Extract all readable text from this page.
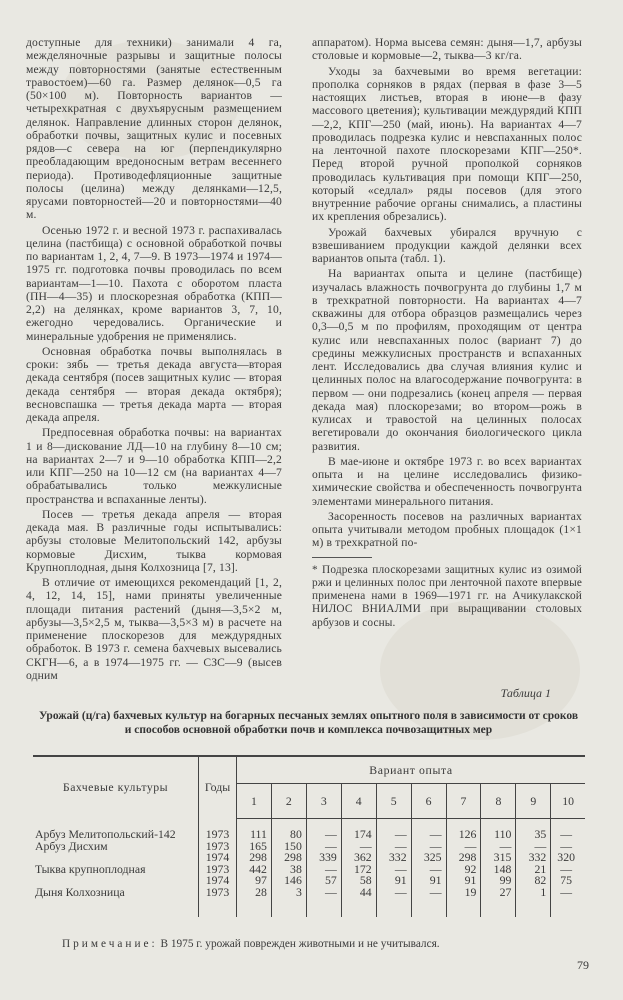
доступные для техники) занимали 4 га, межделяночные разрывы и защитные полосы между повторностями (занятые естественным травостоем)—60 га. Размер делянок—0,5 га (50×100 м). Повторность вариантов — четырехкратная с двухъярусным размещением делянок. Направление длинных сторон делянок, обработки почвы, защитных кулис и посевных рядов—с севера на юг (перпендикулярно преобладающим вредоносным ветрам весеннего периода). Противодефляционные защитные полосы (целина) между делянками—12,5, ярусами повторностей—20 и повторностями—40 м.

Осенью 1972 г. и весной 1973 г. распахивалась целина (пастбища) с основной обработкой почвы по вариантам 1, 2, 4, 7—9. В 1973—1974 и 1974—1975 гг. подготовка почвы проводилась по всем вариантам—1—10. Пахота с оборотом пласта (ПН—4—35) и плоскорезная обработка (КПП—2,2) на делянках, кроме вариантов 3, 7, 10, ежегодно чередовались. Органические и минеральные удобрения не применялись.

Основная обработка почвы выполнялась в сроки: зябь — третья декада августа—вторая декада сентября (посев защитных кулис — вторая декада сентября — вторая декада октября); весновспашка — третья декада марта — вторая декада апреля.

Предпосевная обработка почвы: на вариантах 1 и 8—дискование ЛД—10 на глубину 8—10 см; на вариантах 2—7 и 9—10 обработка КПП—2,2 или КПГ—250 на 10—12 см (на вариантах 4—7 обрабатывались только межкулисные пространства и вспаханные ленты).

Посев — третья декада апреля — вторая декада мая. В различные годы испытывались: арбузы столовые Мелитопольский 142, арбузы кормовые Дисхим, тыква кормовая Крупноплодная, дыня Колхозница [7, 13].

В отличие от имеющихся рекомендаций [1, 2, 4, 12, 14, 15], нами приняты увеличенные площади питания растений (дыня—3,5×2 м, арбузы—3,5×2,5 м, тыква—3,5×3 м) в расчете на применение плоскорезов для междурядных обработок. В 1973 г. семена бахчевых высевались СКГН—6, а в 1974—1975 гг. — СЗС—9 (высев одним

аппаратом). Норма высева семян: дыня—1,7, арбузы столовые и кормовые—2, тыква—3 кг/га.

Уходы за бахчевыми во время вегетации: прополка сорняков в рядах (первая в фазе 3—5 настоящих листьев, вторая в июне—в фазу массового цветения); культивации междурядий КПП—2,2, КПГ—250 (май, июнь). На вариантах 4—7 проводилась подрезка кулис и невспаханных полос на ленточной пахоте плоскорезами КПГ—250*. Перед второй ручной прополкой сорняков проводилась культивация при помощи КПГ—250, который «седлал» ряды посевов (для этого внутренние рабочие органы снимались, а пластины их крепления обрезались).

Урожай бахчевых убирался вручную с взвешиванием продукции каждой делянки всех вариантов опыта (табл. 1).

На вариантах опыта и целине (пастбище) изучалась влажность почвогрунта до глубины 1,7 м в трехкратной повторности. На вариантах 4—7 скважины для отбора образцов размещались через 0,3—0,5 м по профилям, проходящим от центра кулис или невспаханных полос (вариант 7) до средины межкулисных пространств и вспаханных лент. Исследовались два случая влияния кулис и целинных полос на влагосодержание почвогрунта: в первом — они подрезались (конец апреля — первая декада мая) плоскорезами; во втором—рожь в кулисах и травостой на целинных полосах вегетировали до окончания биологического цикла развития.

В мае-июне и октябре 1973 г. во всех вариантах опыта и на целине исследовались физико-химические свойства и обеспеченность почвогрунта элементами минерального питания.

Засоренность посевов на различных вариантах опыта учитывали методом пробных площадок (1×1 м) в трехкратной по-

* Подрезка плоскорезами защитных кулис из озимой ржи и целинных полос при ленточной пахоте впервые применена нами в 1969—1971 гг. на Ачикулакской НИЛОС ВНИАЛМИ при выращивании столовых арбузов и сосны.

Таблица 1
Урожай (ц/га) бахчевых культур на богарных песчаных землях опытного поля в зависимости от сроков и способов основной обработки почв и комплекса почвозащитных мер
Бахчевые культуры	Годы	Вариант опыта									
		1	2	3	4	5	6	7	8	9	10
Арбуз Мелитопольский-142	1973	111	80	—	174	—	—	126	110	35	—
Арбуз Дисхим	1973	165	150	—	—	—	—	—	—	—	—
	1974	298	298	339	362	332	325	298	315	332	320
Тыква крупноплодная	1973	442	38	—	172	—	—	92	148	21	—
	1974	97	146	57	58	91	91	91	99	82	75
Дыня Колхозница	1973	28	3	—	44	—	—	19	27	1	—

Примечание: В 1975 г. урожай поврежден животными и не учитывался.
79
